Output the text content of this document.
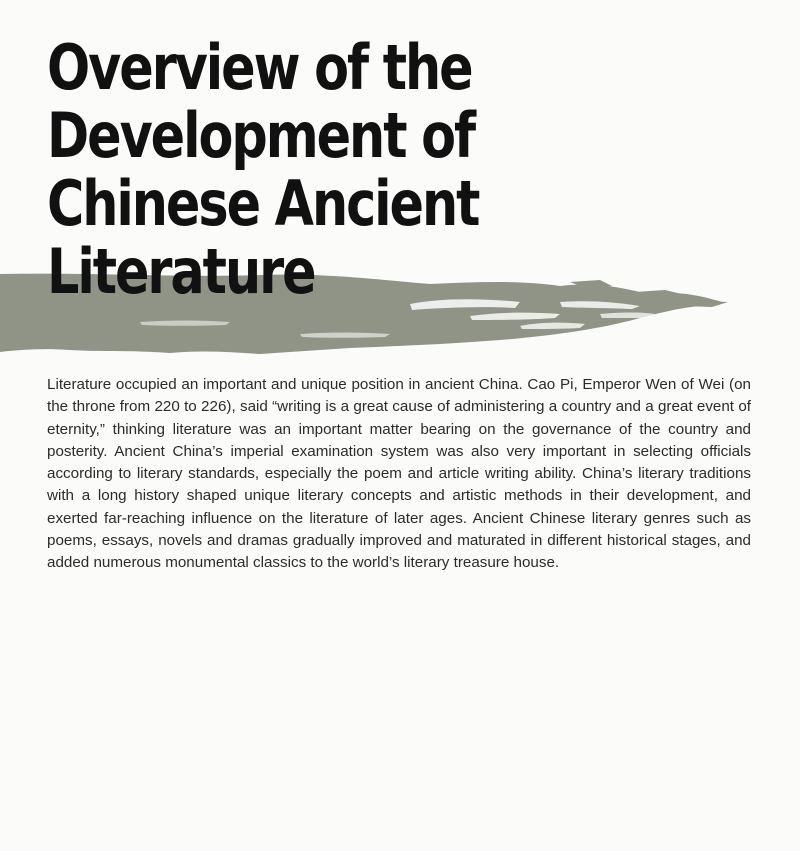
Overview of the
Development of
Chinese Ancient
Literature

Literature occupied an important and unique position in ancient China. Cao Pi, Emperor Wen of Wei (on the throne from 220 to 226), said “writing is a great cause of administering a country and a great event of eternity,” thinking literature was an important matter bearing on the governance of the country and posterity. Ancient China’s imperial examination system was also very important in selecting officials according to literary standards, especially the poem and article writing ability. China’s literary traditions with a long history shaped unique literary concepts and artistic methods in their development, and exerted far-reaching influence on the literature of later ages. Ancient Chinese literary genres such as poems, essays, novels and dramas gradually improved and maturated in different historical stages, and added numerous monumental classics to the world’s literary treasure house.
